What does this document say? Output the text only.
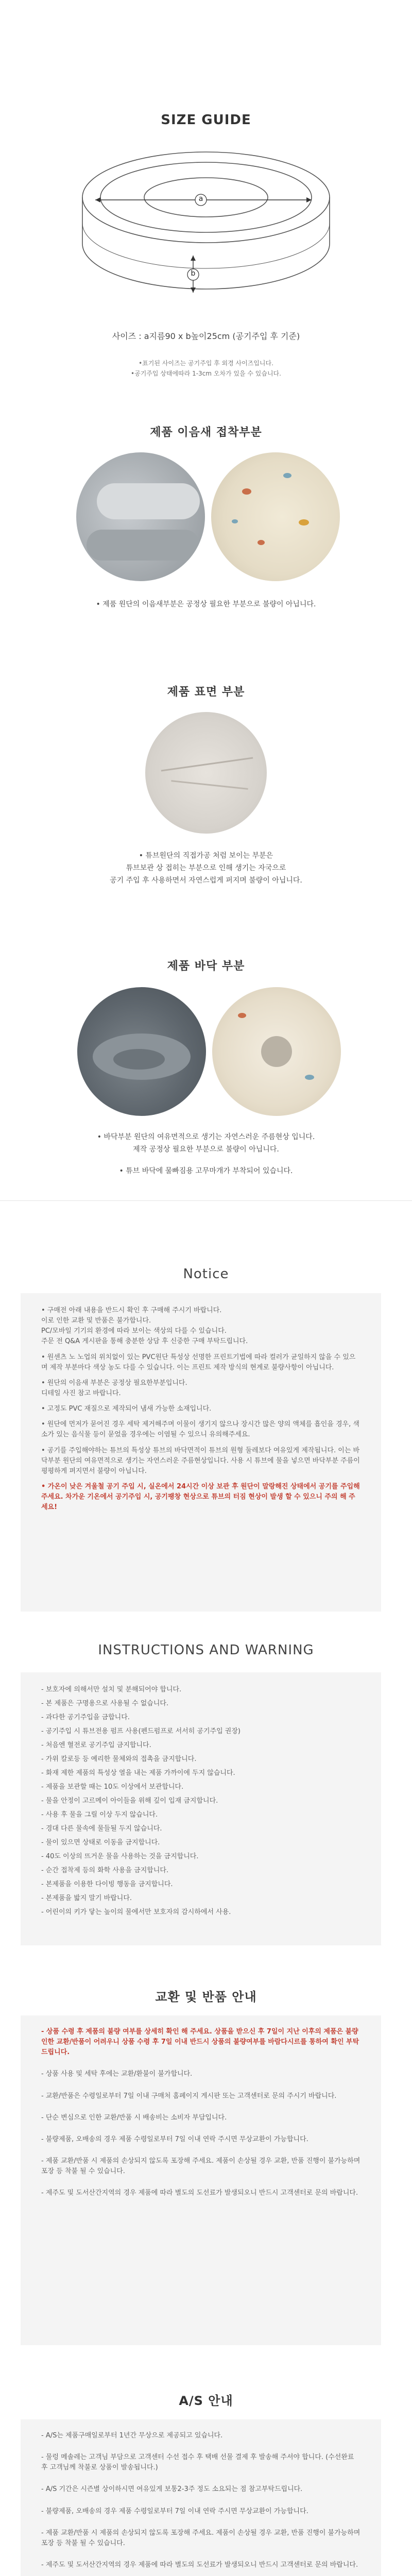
SIZE GUIDE
a
b
사이즈 : a지름90 x b높이25cm (공기주입 후 기준)
•표기된 사이즈는 공기주입 후 외경 사이즈입니다.
•공기주입 상태에따라 1-3cm 오차가 있을 수 있습니다.
제품 이음새 접착부분
• 제품 원단의 이음새부분은 공정상 필요한 부분으로 불량이 아닙니다.
제품 표면 부분
• 튜브원단의 직접가공 처럼 보이는 부분은
튜브보관 상 접히는 부분으로 인해 생기는 자국으로
공기 주입 후 사용하면서 자연스럽게 퍼지며 불량이 아닙니다.
제품 바닥 부분
• 바닥부분 원단의 여유면적으로 생기는 자연스러운 주름현상 입니다.
제작 공정상 필요한 부분으로 불량이 아닙니다.
• 튜브 바닥에 물빠짐용 고무마개가 부착되어 있습니다.
Notice

• 구매전 아래 내용을 반드시 확인 후 구매해 주시기 바랍니다.

이로 인한 교환 및 반품은 불가합니다.

PC/모바일 기기의 환경에 따라 보이는 색상의 다를 수 있습니다.

주문 전 Q&A 게시판을 통해 충분한 상담 후 신중한 구매 부탁드립니다.

• 원센츠 노 노업의 위치없이 있는 PVC원단 특성상 선명한 프린트기법에 따라 컬러가 균일하지 않을 수 있으며 제작 부분마다 색상 농도 다를 수 있습니다. 이는 프린트 제작 방식의 현계로 불량사항이 아닙니다.

• 원단의 이음새 부분은 공정상 필요한부분입니다.

디테일 사진 참고 바랍니다.

• 고정도 PVC 재질으로 제작되어 냄새 가능한 소재입니다.

• 원단에 먼저가 묻어진 경우 세탁 제거해주며 이물이 생기지 않으나 장시간 많은 양의 액체를 흡인을 경우, 색소가 있는 음식물 등이 묻었을 경우에는 이염될 수 있으니 유의해주세요.

• 공기를 주입해야하는 튜브의 특성상 튜브의 바닥면적이 튜브의 원형 둘레보다 여유있게 제작됩니다. 이는 바닥부분 원단의 여유면적으로 생기는 자연스러운 주름현상입니다. 사용 시 튜브에 물을 넣으면 바닥부분 주름이 평평하게 펴지면서 불량이 아닙니다.

• 가온이 낮은 겨울철 공기 주입 시, 실온에서 24시간 이상 보관 후 원단이 말랑해진 상태에서 공기를 주입해주세요. 차가운 기온에서 공기주입 시, 공기팽창 현상으로 튜브의 터짐 현상이 발생 할 수 있으니 주의 해 주세요!

INSTRUCTIONS AND WARNING
- 보호자에 의해서만 설치 및 분해되어야 합니다.
- 본 제품은 구명용으로 사용될 수 없습니다.
- 과다한 공기주입을 금합니다.
- 공기주입 시 튜브전용 펌프 사용(펜드펌프로 서서히 공기주입 권장)
- 처음엔 혈전로 공기주입 금지합니다.
- 가위 칼로등 등 예리한 물체와의 접촉을 금지합니다.
- 화재 제한 제품의 특성상 열을 내는 제품 가까이에 두지 않습니다.
- 제품을 보관할 때는 10도 이상에서 보관합니다.
- 물을 안정이 고르메이 아이들을 위해 깊이 입재 금지합니다.
- 사용 후 물을 그릴 이상 두지 않습니다.
- 경대 다른 물속에 물들될 두지 않습니다.
- 물이 있으면 상태로 이동을 금지합니다.
- 40도 이상의 뜨거운 물을 사용하는 것을 금지합니다.
- 순간 접착제 등의 화학 사용을 금지합니다.
- 본제품을 이용한 다이빙 행동을 금지합니다.
- 본제품을 밟지 말기 바랍니다.
- 어린이의 키가 닿는 높이의 물에서만 보호자의 감시하에서 사용.
교환 및 반품 안내

- 상품 수령 후 제품의 불량 여부를 상세히 확인 해 주세요. 상품을 받으신 후 7일이 지난 이후의 제품은 불량 인한 교환/반품이 어려우니 상품 수령 후 7일 이내 반드시 상품의 불량여부를 바람다시르를 통하여 확인 부탁드립니다.

- 상품 사용 및 세탁 후에는 교환/환불이 불가합니다.

- 교환/반품은 수령일로부터 7일 이내 구매처 홈페이지 게시판 또는 고객센터로 문의 주시기 바랍니다.

- 단순 변심으로 인한 교환/반품 시 배송비는 소비자 부담입니다.

- 불량제품, 오배송의 경우 제품 수령일로부터 7일 이내 연락 주시면 무상교환이 가능합니다.

- 제품 교환/반품 시 제품의 손상되지 않도록 포장해 주세요. 제품이 손상될 경우 교환, 반품 진행이 불가능하며 포장 등 착불 될 수 있습니다.

- 제주도 및 도서산간지역의 경우 제품에 따라 별도의 도선료가 발생되오니 반드시 고객센터로 문의 바랍니다.

A/S 안내

- A/S는 제품구매일로부터 1년간 무상으로 제공되고 있습니다.

- 물렁 메솔레는 고객님 부담으로 고객센터 수선 접수 후 택배 선물 결제 후 발송해 주셔야 합니다. (수선완료 후 고객님께 착불로 상품이 발송됩니다.)

- A/S 기간은 시즌별 상이하시면 여유있게 보통2-3주 정도 소요되는 점 참고부탁드립니다.

- 불량제품, 오배송의 경우 제품 수령일로부터 7일 이내 연락 주시면 무상교환이 가능합니다.

- 제품 교환/반품 시 제품의 손상되지 않도록 포장해 주세요. 제품이 손상될 경우 교환, 반품 진행이 불가능하며 포장 등 착불 될 수 있습니다.

- 제주도 및 도서산간지역의 경우 제품에 따라 별도의 도선료가 발생되오니 반드시 고객센터로 문의 바랍니다.
